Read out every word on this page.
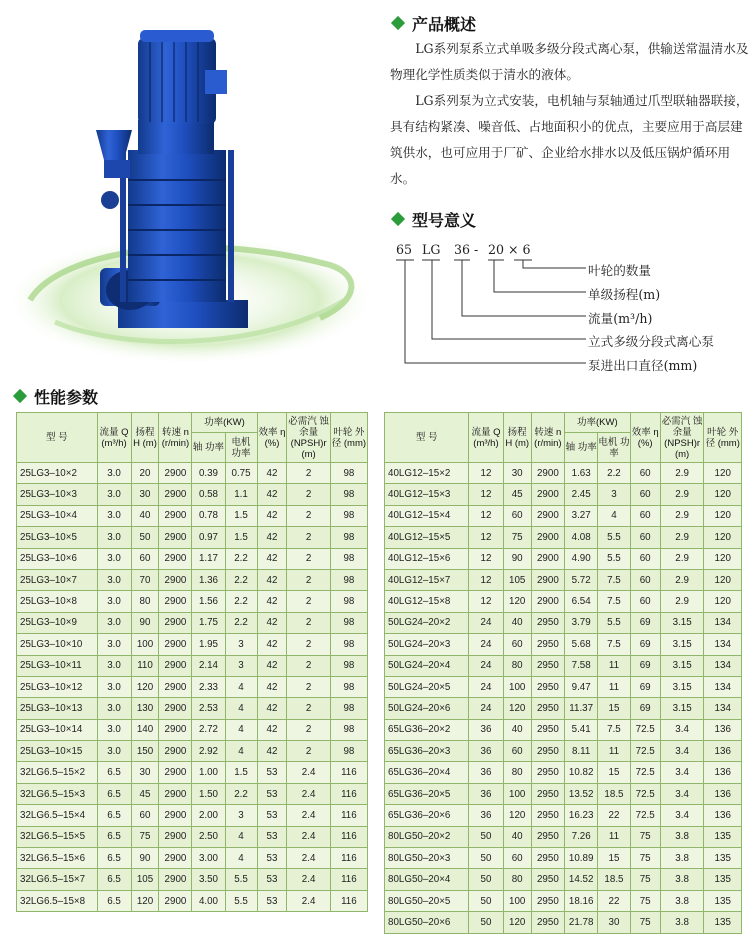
产品概述

LG系列泵系立式单吸多级分段式离心泵，供输送常温清水及物理化学性质类似于清水的液体。

LG系列泵为立式安装，电机轴与泵轴通过爪型联轴器联接，具有结构紧凑、噪音低、占地面积小的优点，主要应用于高层建筑供水，也可应用于厂矿、企业给水排水以及低压锅炉循环用水。

型号意义
65 LG 36 - 20 × 6
叶轮的数量
单级扬程(m)
流量(m³/h)
立式多级分段式离心泵
泵进出口直径(mm)
性能参数
型 号	流量 Q (m³/h)	扬程 H (m)	转速 n (r/min)	功率(KW)		效率 η (%)	必需汽 蚀余量 (NPSH)r (m)	叶轮 外径 (mm)
				轴 功率	电机 功率			
25LG3–10×2	3.0	20	2900	0.39	0.75	42	2	98
25LG3–10×3	3.0	30	2900	0.58	1.1	42	2	98
25LG3–10×4	3.0	40	2900	0.78	1.5	42	2	98
25LG3–10×5	3.0	50	2900	0.97	1.5	42	2	98
25LG3–10×6	3.0	60	2900	1.17	2.2	42	2	98
25LG3–10×7	3.0	70	2900	1.36	2.2	42	2	98
25LG3–10×8	3.0	80	2900	1.56	2.2	42	2	98
25LG3–10×9	3.0	90	2900	1.75	2.2	42	2	98
25LG3–10×10	3.0	100	2900	1.95	3	42	2	98
25LG3–10×11	3.0	110	2900	2.14	3	42	2	98
25LG3–10×12	3.0	120	2900	2.33	4	42	2	98
25LG3–10×13	3.0	130	2900	2.53	4	42	2	98
25LG3–10×14	3.0	140	2900	2.72	4	42	2	98
25LG3–10×15	3.0	150	2900	2.92	4	42	2	98
32LG6.5–15×2	6.5	30	2900	1.00	1.5	53	2.4	116
32LG6.5–15×3	6.5	45	2900	1.50	2.2	53	2.4	116
32LG6.5–15×4	6.5	60	2900	2.00	3	53	2.4	116
32LG6.5–15×5	6.5	75	2900	2.50	4	53	2.4	116
32LG6.5–15×6	6.5	90	2900	3.00	4	53	2.4	116
32LG6.5–15×7	6.5	105	2900	3.50	5.5	53	2.4	116
32LG6.5–15×8	6.5	120	2900	4.00	5.5	53	2.4	116
型 号	流量 Q (m³/h)	扬程 H (m)	转速 n (r/min)	功率(KW)		效率 η (%)	必需汽 蚀余量 (NPSH)r (m)	叶轮 外径 (mm)
				轴 功率	电机 功率			
40LG12–15×2	12	30	2900	1.63	2.2	60	2.9	120
40LG12–15×3	12	45	2900	2.45	3	60	2.9	120
40LG12–15×4	12	60	2900	3.27	4	60	2.9	120
40LG12–15×5	12	75	2900	4.08	5.5	60	2.9	120
40LG12–15×6	12	90	2900	4.90	5.5	60	2.9	120
40LG12–15×7	12	105	2900	5.72	7.5	60	2.9	120
40LG12–15×8	12	120	2900	6.54	7.5	60	2.9	120
50LG24–20×2	24	40	2950	3.79	5.5	69	3.15	134
50LG24–20×3	24	60	2950	5.68	7.5	69	3.15	134
50LG24–20×4	24	80	2950	7.58	11	69	3.15	134
50LG24–20×5	24	100	2950	9.47	11	69	3.15	134
50LG24–20×6	24	120	2950	11.37	15	69	3.15	134
65LG36–20×2	36	40	2950	5.41	7.5	72.5	3.4	136
65LG36–20×3	36	60	2950	8.11	11	72.5	3.4	136
65LG36–20×4	36	80	2950	10.82	15	72.5	3.4	136
65LG36–20×5	36	100	2950	13.52	18.5	72.5	3.4	136
65LG36–20×6	36	120	2950	16.23	22	72.5	3.4	136
80LG50–20×2	50	40	2950	7.26	11	75	3.8	135
80LG50–20×3	50	60	2950	10.89	15	75	3.8	135
80LG50–20×4	50	80	2950	14.52	18.5	75	3.8	135
80LG50–20×5	50	100	2950	18.16	22	75	3.8	135
80LG50–20×6	50	120	2950	21.78	30	75	3.8	135
